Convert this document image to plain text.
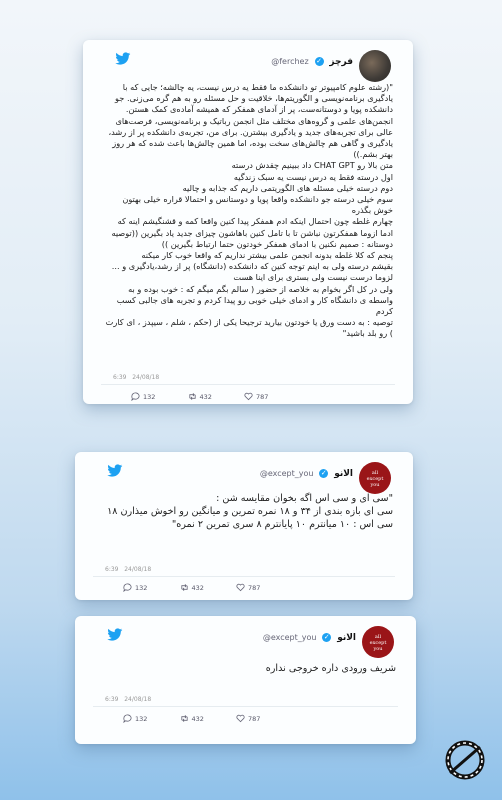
@ferchez ✓ فرچز

"(رشته علوم کامپیوتر تو دانشکده ما فقط یه درس نیست، یه چالشه؛ جایی که با یادگیری برنامه‌نویسی و الگوریتم‌ها، خلاقیت و حل مسئله رو به هم گره می‌زنی. جو دانشکده پویا و دوستانه‌ست، پر از آدمای همفکر که همیشه آماده‌ی کمک هستن. انجمن‌های علمی و گروه‌های مختلف مثل انجمن رباتیک و برنامه‌نویسی، فرصت‌های عالی برای تجربه‌های جدید و یادگیری بیشترن. برای من، تجربه‌ی دانشکده پر از رشد، یادگیری و گاهی هم چالش‌های سخت بوده، اما همین چالش‌ها باعث شده که هر روز بهتر بشم.))

متن بالا رو CHAT GPT داد ببینیم چقدش درسته

اول درسته فقط یه درس نیست یه سبک زندگیه

دوم درسته خیلی مسئله های الگوریتمی داریم که جذابه و چالیه

سوم خیلی درسته جو دانشکده واقعا پویا و دوستانس و احتمالا قراره خیلی بهتون خوش بگذره

چهارم غلطه چون احتمال اینکه ادم همفکر پیدا کنین واقعا کمه و قشنگیشم اینه که ادما ازوما همفکرتون نباشن تا با تامل کنین باهاشون چیزای جدید یاد بگیرین ((توصیه دوستانه : صمیم نکنین با ادمای همفکر خودتون حتما ارتباط بگیرین ))

پنجم که کلا غلطه بدونه انجمن علمی بیشتر نداریم که واقعا خوب کار میکنه

بقیشم درسته ولی به اینم توجه کنین که دانشکده (دانشگاه) پر از رشد،یادگیری و ... لزوما درست نیست ولی بستری برای اینا هست

ولی در کل اگر بخوام به خلاصه از حضور ( سالم بگم میگم که : خوب بوده و به واسطه ی دانشگاه کار و ادمای خیلی خوبی رو پیدا کردم و تجربه های جالبی کسب کردم

توصیه : به دست ورق یا خودتون بیارید ترجیحا یکی از (حکم ، شلم ، سیپدز ، ای کارت ) رو بلد باشید"

6:39 24/08/18
132
	432
	787
all
except
you
@except_you ✓ الانو

"سی ای و سی اس اگه بخوان مقایسه شن :

سی ای بازه بندی از ۳۴ و ۱۸ نمره تمرین و میانگین رو اخوش میذارن ۱۸

سی اس : ۱۰ میانترم ۱۰ پایانترم ۸ سری تمرین ۲ نمره"

6:39 24/08/18
132
	432
	787
all
except
you
@except_you ✓ الانو

شریف ورودی داره خروجی نداره

6:39 24/08/18
132
	432
	787
